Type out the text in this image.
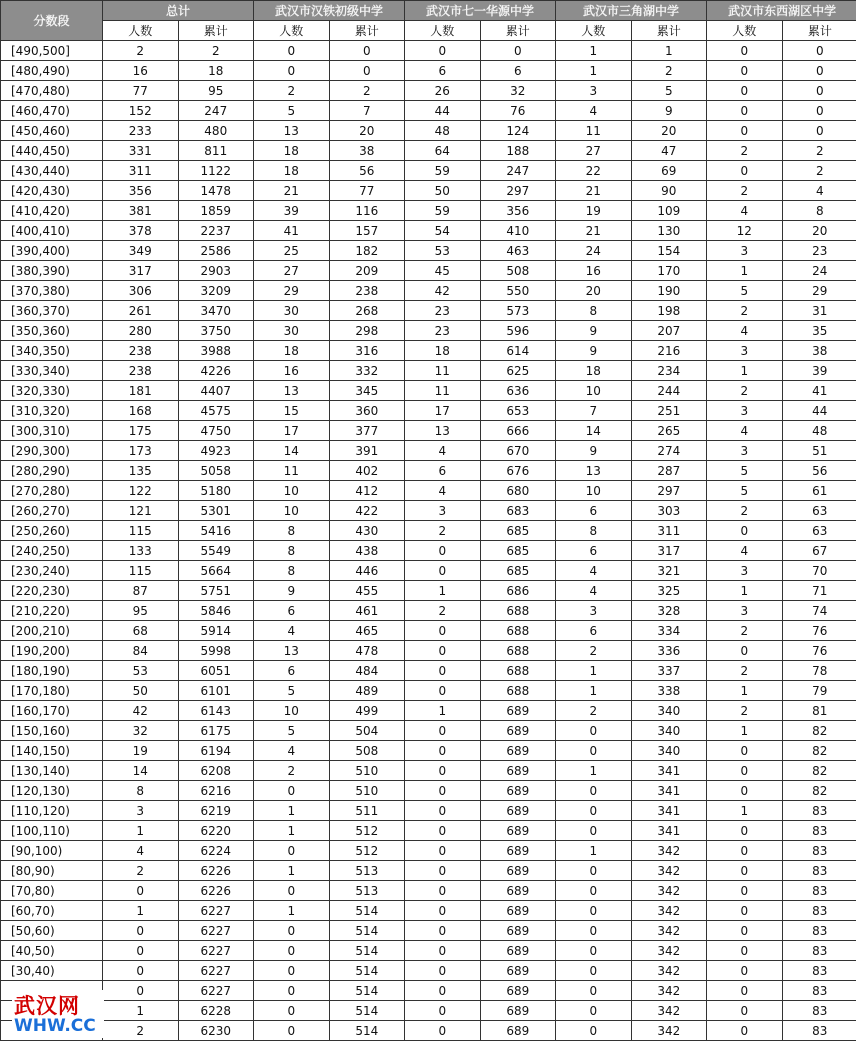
分数段	总计		武汉市汉铁初级中学		武汉市七一华源中学		武汉市三角湖中学		武汉市东西湖区中学	
	人数	累计	人数	累计	人数	累计	人数	累计	人数	累计
[490,500]	2	2	0	0	0	0	1	1	0	0
[480,490)	16	18	0	0	6	6	1	2	0	0
[470,480)	77	95	2	2	26	32	3	5	0	0
[460,470)	152	247	5	7	44	76	4	9	0	0
[450,460)	233	480	13	20	48	124	11	20	0	0
[440,450)	331	811	18	38	64	188	27	47	2	2
[430,440)	311	1122	18	56	59	247	22	69	0	2
[420,430)	356	1478	21	77	50	297	21	90	2	4
[410,420)	381	1859	39	116	59	356	19	109	4	8
[400,410)	378	2237	41	157	54	410	21	130	12	20
[390,400)	349	2586	25	182	53	463	24	154	3	23
[380,390)	317	2903	27	209	45	508	16	170	1	24
[370,380)	306	3209	29	238	42	550	20	190	5	29
[360,370)	261	3470	30	268	23	573	8	198	2	31
[350,360)	280	3750	30	298	23	596	9	207	4	35
[340,350)	238	3988	18	316	18	614	9	216	3	38
[330,340)	238	4226	16	332	11	625	18	234	1	39
[320,330)	181	4407	13	345	11	636	10	244	2	41
[310,320)	168	4575	15	360	17	653	7	251	3	44
[300,310)	175	4750	17	377	13	666	14	265	4	48
[290,300)	173	4923	14	391	4	670	9	274	3	51
[280,290)	135	5058	11	402	6	676	13	287	5	56
[270,280)	122	5180	10	412	4	680	10	297	5	61
[260,270)	121	5301	10	422	3	683	6	303	2	63
[250,260)	115	5416	8	430	2	685	8	311	0	63
[240,250)	133	5549	8	438	0	685	6	317	4	67
[230,240)	115	5664	8	446	0	685	4	321	3	70
[220,230)	87	5751	9	455	1	686	4	325	1	71
[210,220)	95	5846	6	461	2	688	3	328	3	74
[200,210)	68	5914	4	465	0	688	6	334	2	76
[190,200)	84	5998	13	478	0	688	2	336	0	76
[180,190)	53	6051	6	484	0	688	1	337	2	78
[170,180)	50	6101	5	489	0	688	1	338	1	79
[160,170)	42	6143	10	499	1	689	2	340	2	81
[150,160)	32	6175	5	504	0	689	0	340	1	82
[140,150)	19	6194	4	508	0	689	0	340	0	82
[130,140)	14	6208	2	510	0	689	1	341	0	82
[120,130)	8	6216	0	510	0	689	0	341	0	82
[110,120)	3	6219	1	511	0	689	0	341	1	83
[100,110)	1	6220	1	512	0	689	0	341	0	83
[90,100)	4	6224	0	512	0	689	1	342	0	83
[80,90)	2	6226	1	513	0	689	0	342	0	83
[70,80)	0	6226	0	513	0	689	0	342	0	83
[60,70)	1	6227	1	514	0	689	0	342	0	83
[50,60)	0	6227	0	514	0	689	0	342	0	83
[40,50)	0	6227	0	514	0	689	0	342	0	83
[30,40)	0	6227	0	514	0	689	0	342	0	83
	0	6227	0	514	0	689	0	342	0	83
	1	6228	0	514	0	689	0	342	0	83
	2	6230	0	514	0	689	0	342	0	83
武汉网
WHW.CC
